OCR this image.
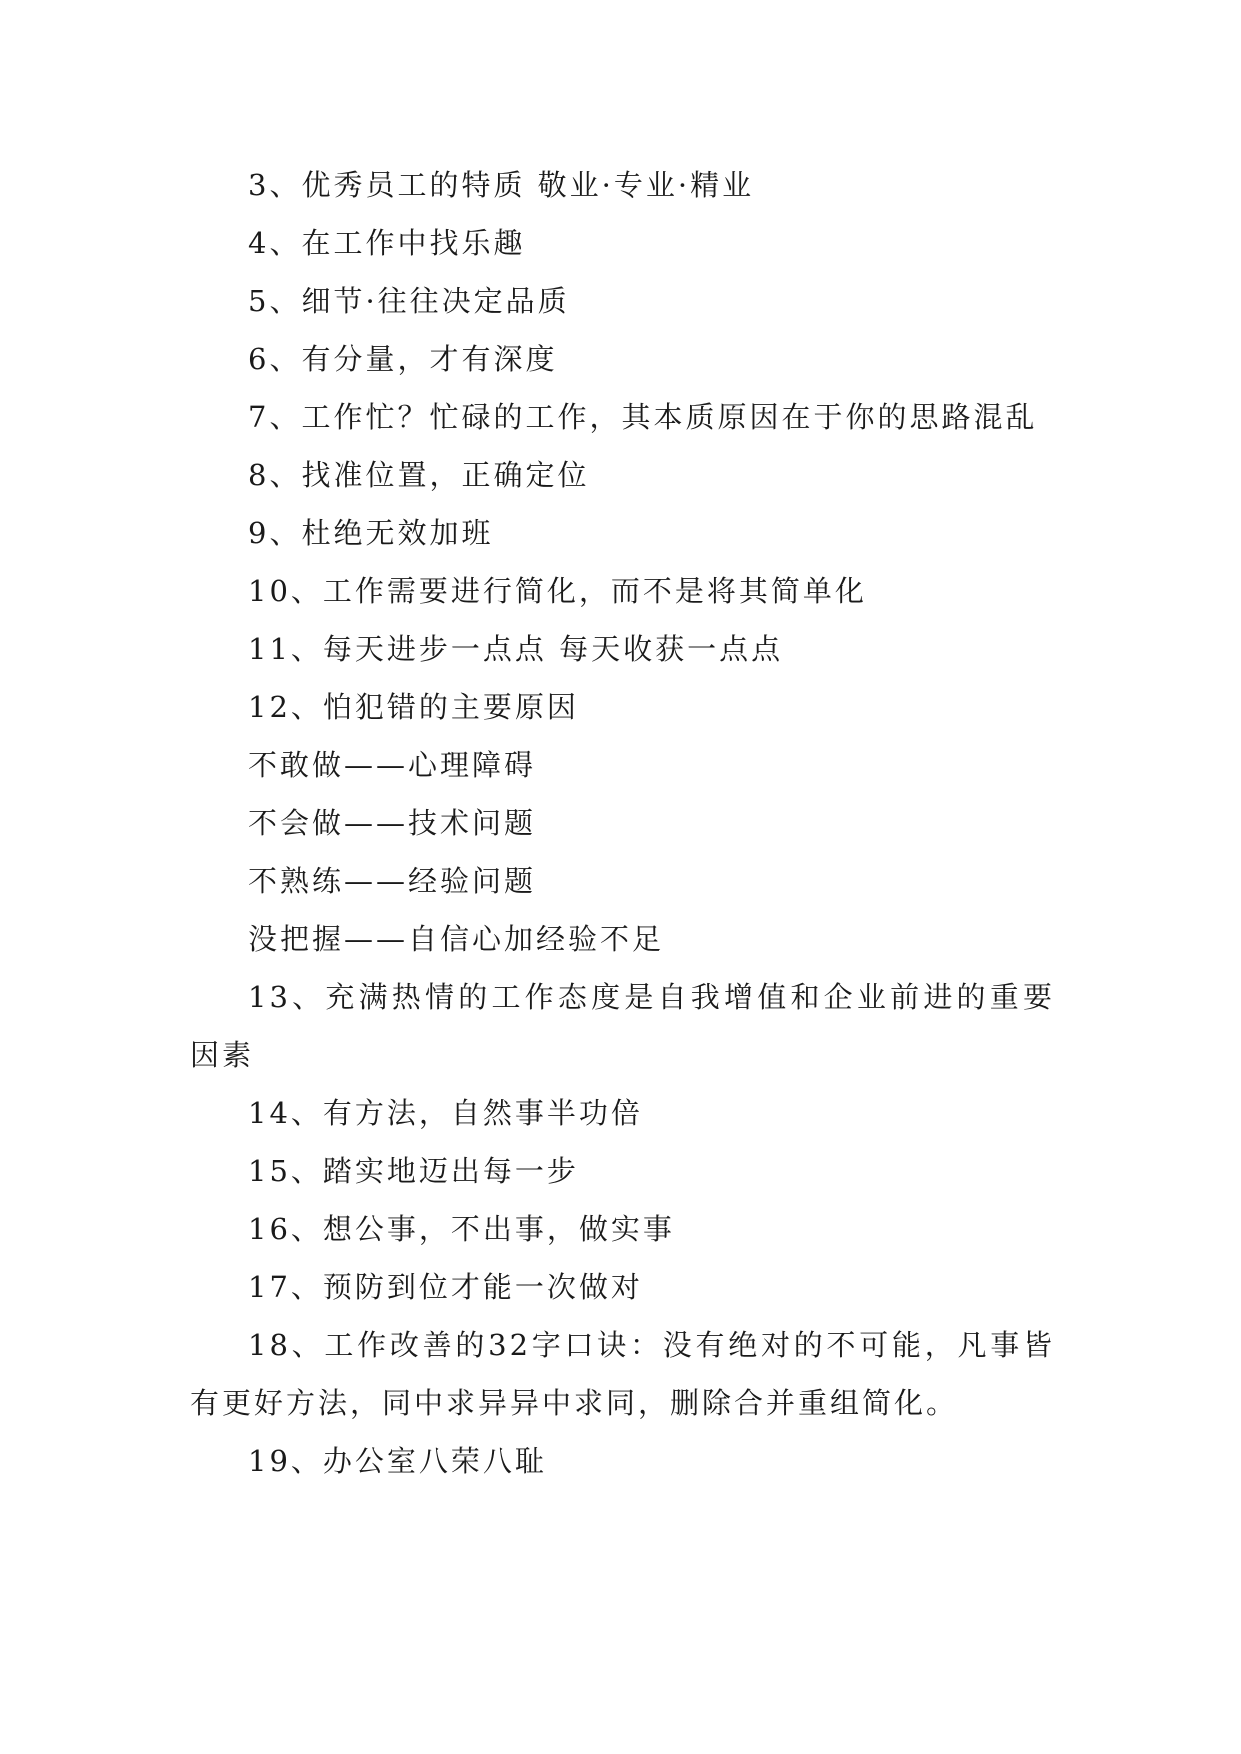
3、优秀员工的特质 敬业·专业·精业

4、在工作中找乐趣

5、细节·往往决定品质

6、有分量，才有深度

7、工作忙？忙碌的工作，其本质原因在于你的思路混乱

8、找准位置，正确定位

9、杜绝无效加班

10、工作需要进行简化，而不是将其简单化

11、每天进步一点点 每天收获一点点

12、怕犯错的主要原因

不敢做——心理障碍

不会做——技术问题

不熟练——经验问题

没把握——自信心加经验不足

13、充满热情的工作态度是自我增值和企业前进的重要因素

14、有方法，自然事半功倍

15、踏实地迈出每一步

16、想公事，不出事，做实事

17、预防到位才能一次做对

18、工作改善的32字口诀：没有绝对的不可能，凡事皆有更好方法，同中求异异中求同，删除合并重组简化。

19、办公室八荣八耻
